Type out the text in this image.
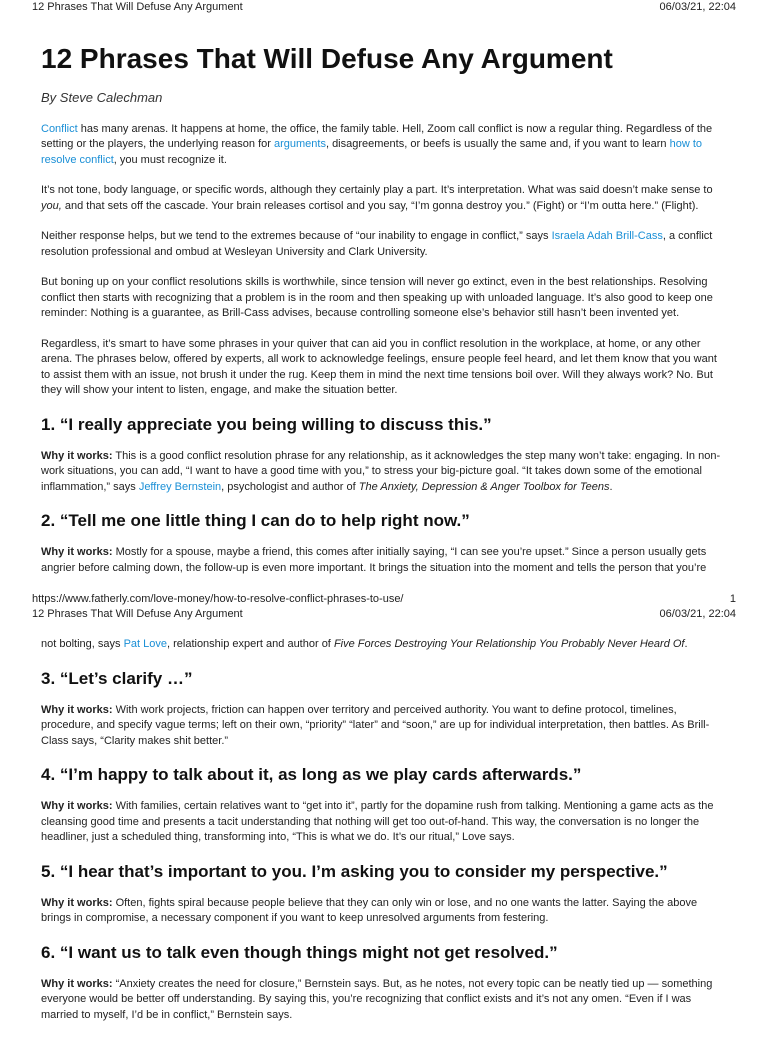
12 Phrases That Will Defuse Any Argument	06/03/21, 22:04
12 Phrases That Will Defuse Any Argument
By Steve Calechman

Conflict has many arenas. It happens at home, the office, the family table. Hell, Zoom call conflict is now a regular thing. Regardless of the setting or the players, the underlying reason for arguments, disagreements, or beefs is usually the same and, if you want to learn how to resolve conflict, you must recognize it.

It’s not tone, body language, or specific words, although they certainly play a part. It’s interpretation. What was said doesn’t make sense to you, and that sets off the cascade. Your brain releases cortisol and you say, “I’m gonna destroy you.” (Fight) or “I’m outta here.” (Flight).

Neither response helps, but we tend to the extremes because of “our inability to engage in conflict,” says Israela Adah Brill-Cass, a conflict resolution professional and ombud at Wesleyan University and Clark University.

But boning up on your conflict resolutions skills is worthwhile, since tension will never go extinct, even in the best relationships. Resolving conflict then starts with recognizing that a problem is in the room and then speaking up with unloaded language. It’s also good to keep one reminder: Nothing is a guarantee, as Brill-Cass advises, because controlling someone else’s behavior still hasn’t been invented yet.

Regardless, it’s smart to have some phrases in your quiver that can aid you in conflict resolution in the workplace, at home, or any other arena. The phrases below, offered by experts, all work to acknowledge feelings, ensure people feel heard, and let them know that you want to assist them with an issue, not brush it under the rug. Keep them in mind the next time tensions boil over. Will they always work? No. But they will show your intent to listen, engage, and make the situation better.

1. “I really appreciate you being willing to discuss this.”

Why it works: This is a good conflict resolution phrase for any relationship, as it acknowledges the step many won’t take: engaging. In non-work situations, you can add, “I want to have a good time with you,” to stress your big-picture goal. “It takes down some of the emotional inflammation,” says Jeffrey Bernstein, psychologist and author of The Anxiety, Depression & Anger Toolbox for Teens.

2. “Tell me one little thing I can do to help right now.”

Why it works: Mostly for a spouse, maybe a friend, this comes after initially saying, “I can see you’re upset.” Since a person usually gets angrier before calming down, the follow-up is even more important. It brings the situation into the moment and tells the person that you’re

https://www.fatherly.com/love-money/how-to-resolve-conflict-phrases-to-use/	1
12 Phrases That Will Defuse Any Argument	06/03/21, 22:04

not bolting, says Pat Love, relationship expert and author of Five Forces Destroying Your Relationship You Probably Never Heard Of.

3. “Let’s clarify …”

Why it works: With work projects, friction can happen over territory and perceived authority. You want to define protocol, timelines, procedure, and specify vague terms; left on their own, “priority” “later” and “soon,” are up for individual interpretation, then battles. As Brill-Class says, “Clarity makes shit better.”

4. “I’m happy to talk about it, as long as we play cards afterwards.”

Why it works: With families, certain relatives want to “get into it”, partly for the dopamine rush from talking. Mentioning a game acts as the cleansing good time and presents a tacit understanding that nothing will get too out-of-hand. This way, the conversation is no longer the headliner, just a scheduled thing, transforming into, “This is what we do. It’s our ritual,” Love says.

5. “I hear that’s important to you. I’m asking you to consider my perspective.”

Why it works: Often, fights spiral because people believe that they can only win or lose, and no one wants the latter. Saying the above brings in compromise, a necessary component if you want to keep unresolved arguments from festering.

6. “I want us to talk even though things might not get resolved.”

Why it works: “Anxiety creates the need for closure,” Bernstein says. But, as he notes, not every topic can be neatly tied up — something everyone would be better off understanding. By saying this, you’re recognizing that conflict exists and it’s not any omen. “Even if I was married to myself, I’d be in conflict,” Bernstein says.
